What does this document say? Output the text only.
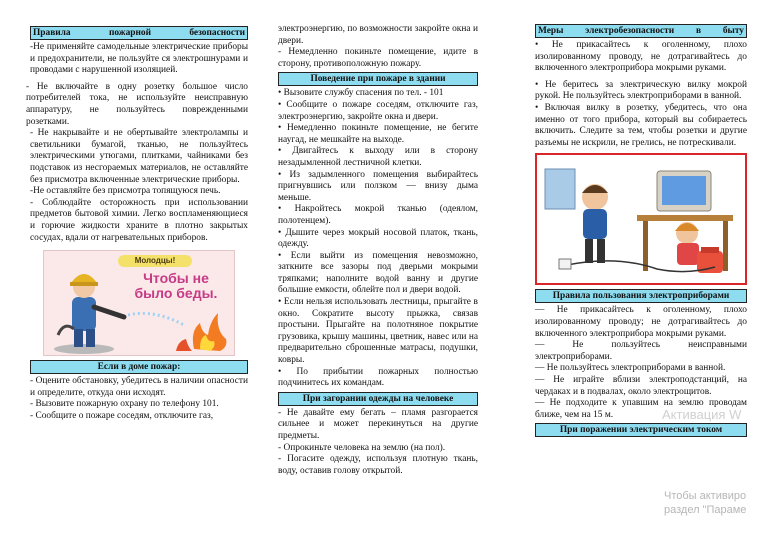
Правила пожарной безопасности

-Не применяйте самодельные электрические приборы и предохранители, не пользуйте ся электрошнурами и проводами с нарушенной изоляцией.

- Не включайте в одну розетку большое число потребителей тока, не используйте неисправную аппаратуру, не пользуйтесь поврежденными розетками.

- Не накрывайте и не обертывайте электролампы и светильники бумагой, тканью, не пользуйтесь электрическими утюгами, плитками, чайниками без подставок из несгораемых материалов, не оставляйте без присмотра включенные электрические приборы.

-Не оставляйте без присмотра топящуюся печь.

- Соблюдайте осторожность при использовании предметов бытовой химии. Легко воспламеняющиеся и горючие жидкости храните в плотно закрытых сосудах, вдали от нагревательных приборов.

Молодцы!
Чтобы не было беды.
Если в доме пожар:

- Оцените обстановку, убедитесь в наличии опасности и определите, откуда они исходят.

- Вызовите пожарную охрану по телефону 101.

- Сообщите о пожаре соседям, отключите газ,

электроэнергию, по возможности закройте окна и двери.

- Немедленно покиньте помещение, идите в сторону, противоположную пожару.

Поведение при пожаре в здании

• Вызовите службу спасения по тел. - 101

• Сообщите о пожаре соседям, отключите газ, электроэнергию, закройте окна и двери.

• Немедленно покиньте помещение, не бегите наугад, не мешкайте на выходе.

• Двигайтесь к выходу или в сторону незадымленной лестничной клетки.

• Из задымленного помещения выбирайтесь пригнувшись или ползком — внизу дыма меньше.

• Накройтесь мокрой тканью (одеялом, полотенцем).

• Дышите через мокрый носовой платок, ткань, одежду.

• Если выйти из помещения невозможно, заткните все зазоры под дверьми мокрыми тряпками; наполните водой ванну и другие большие емкости, облейте пол и двери водой.

• Если нельзя использовать лестницы, прыгайте в окно. Сократите высоту прыжка, связав простыни. Прыгайте на полотняное покрытие грузовика, крышу машины, цветник, навес или на предварительно сброшенные матрасы, подушки, ковры.

• По прибытии пожарных полностью подчинитесь их командам.

При загорании одежды на человеке

- Не давайте ему бегать – пламя разгорается сильнее и может перекинуться на другие предметы.

- Опрокиньте человека на землю (на пол).

- Погасите одежду, используя плотную ткань, воду, оставив голову открытой.

Меры электробезопасности в быту

• Не прикасайтесь к оголенному, плохо изолированному проводу, не дотрагивайтесь до включенного электроприбора мокрыми руками.

• Не беритесь за электрическую вилку мокрой рукой. Не пользуйтесь электроприборами в ванной.

• Включая вилку в розетку, убедитесь, что она именно от того прибора, который вы собираетесь включить. Следите за тем, чтобы розетки и другие разъемы не искрили, не грелись, не потрескивали.

Правила пользования электроприборами

— Не прикасайтесь к оголенному, плохо изолированному проводу; не дотрагивайтесь до включенного электроприбора мокрыми руками.

— Не пользуйтесь неисправными электроприборами.

— Не пользуйтесь электроприборами в ванной.

— Не играйте вблизи электроподстанций, на чердаках и в подвалах, около электрощитов.

— Не подходите к упавшим на землю проводам ближе, чем на 15 м.

При поражении электрическим током
Активация W
Чтобы активиро
раздел "Параме
